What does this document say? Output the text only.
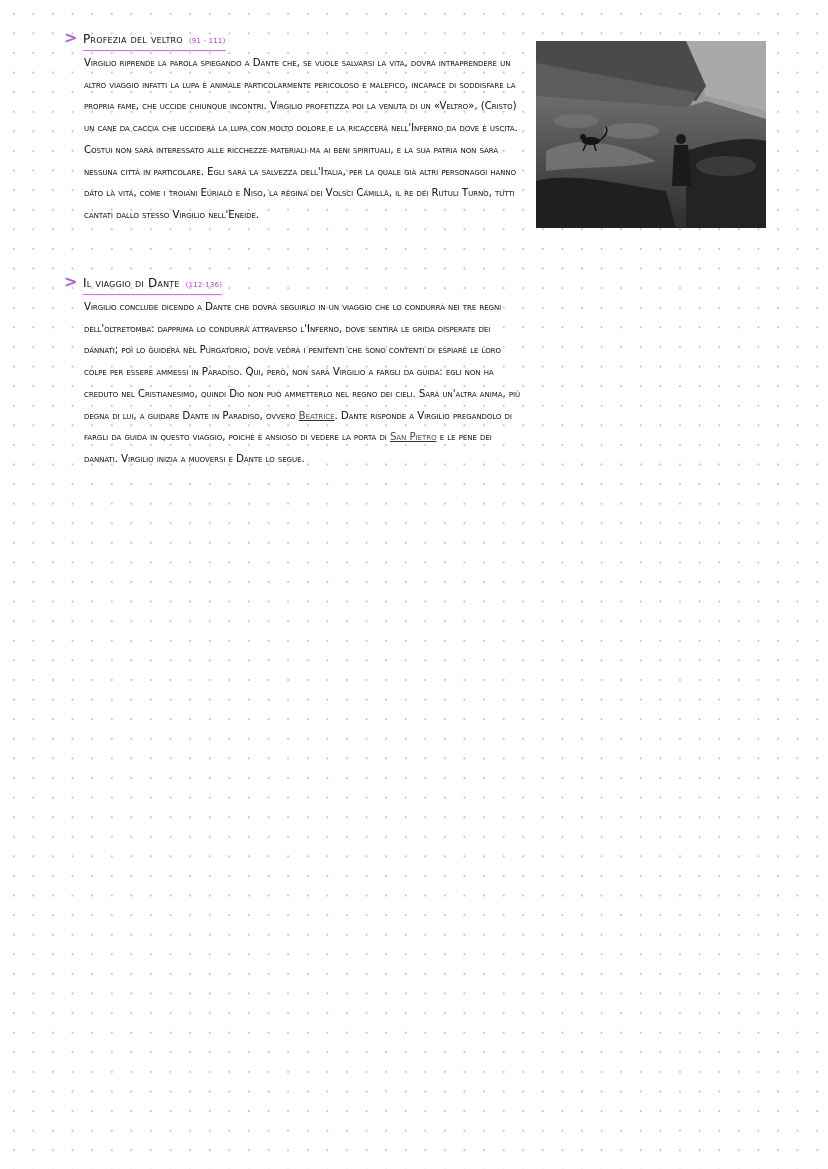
> Profezia del veltro (91 - 111)
Virgilio riprende la parola spiegando a Dante che, se vuole salvarsi la vita, dovrà intraprendere un altro viaggio infatti la lupa è animale particolarmente pericoloso e malefico, incapace di soddisfare la propria fame, che uccide chiunque incontri. Virgilio profetizza poi la venuta di un «Veltro», (Cristo) un cane da caccia che ucciderà la lupa con molto dolore e la ricaccerà nell'Inferno da dove è uscita. Costui non sarà interessato alle ricchezze materiali ma ai beni spirituali, e la sua patria non sarà nessuna città in particolare. Egli sarà la salvezza dell'Italia, per la quale già altri personaggi hanno dato la vita, come i troiani Eurialo e Niso, la regina dei Volsci Camilla, il re dei Rutuli Turno, tutti cantati dallo stesso Virgilio nell'Eneide.
> Il viaggio di Dante (112-136)
Virgilio conclude dicendo a Dante che dovrà seguirlo in un viaggio che lo condurrà nei tre regni dell'oltretomba: dapprima lo condurrà attraverso l'Inferno, dove sentirà le grida disperate dei dannati; poi lo guiderà nel Purgatorio, dove vedrà i penitenti che sono contenti di espiare le loro colpe per essere ammessi in Paradiso. Qui, però, non sarà Virgilio a fargli da guida: egli non ha creduto nel Cristianesimo, quindi Dio non può ammetterlo nel regno dei cieli. Sarà un'altra anima, più degna di lui, a guidare Dante in Paradiso, ovvero Beatrice. Dante risponde a Virgilio pregandolo di fargli da guida in questo viaggio, poiché è ansioso di vedere la porta di San Pietro e le pene dei dannati. Virgilio inizia a muoversi e Dante lo segue.
